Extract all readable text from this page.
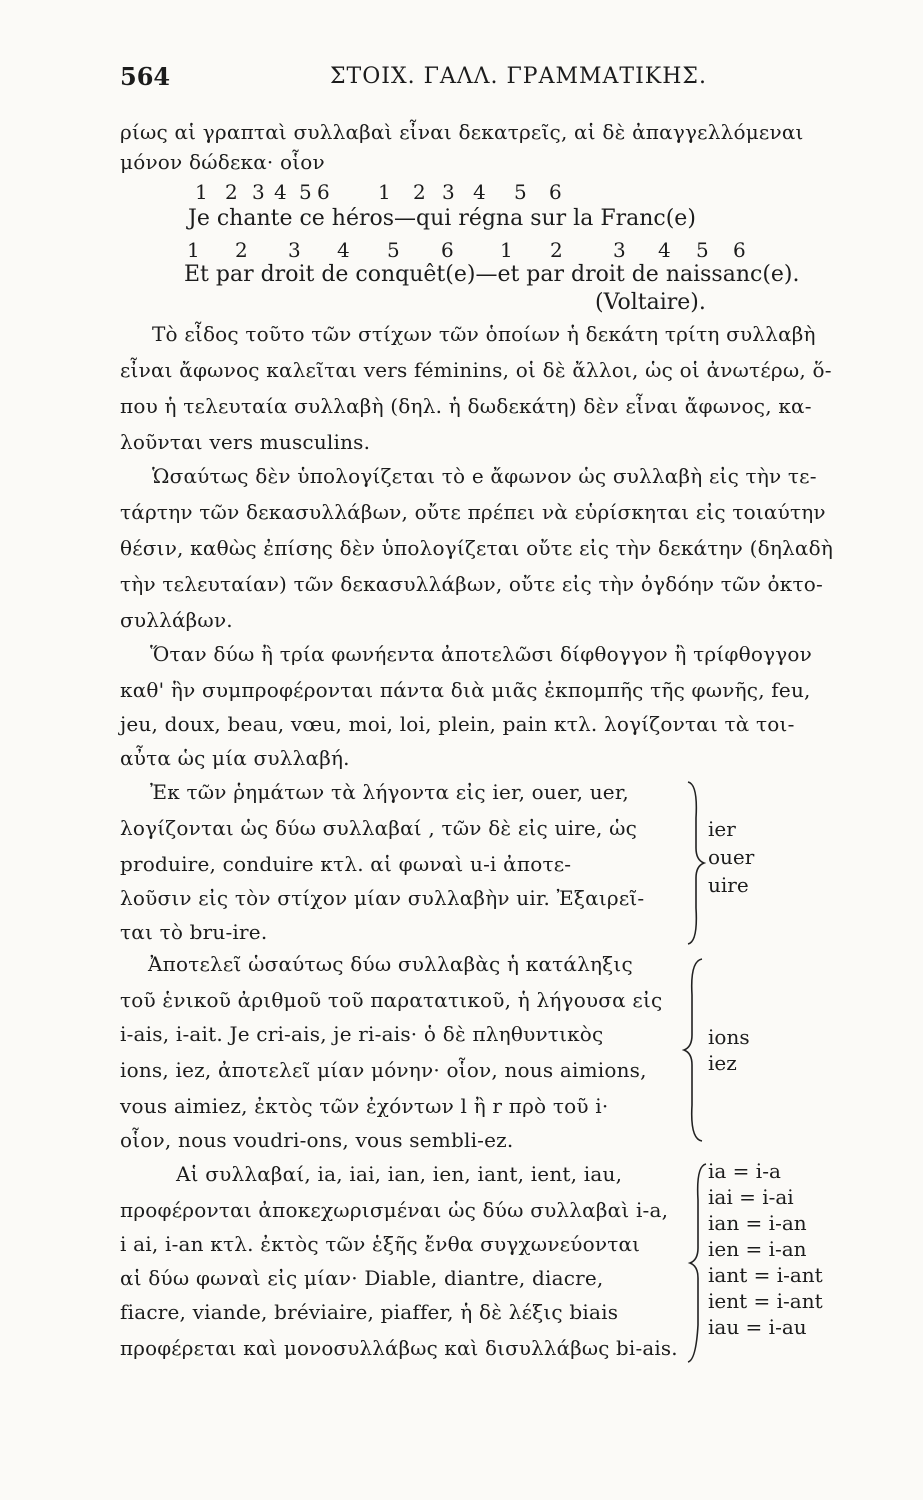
564	ΣΤΟΙΧ. ΓΑΛΛ. ΓΡΑΜΜΑΤΙΚΗΣ.
ρίως αἱ γραπταὶ συλλαβαὶ εἶναι δεκατρεῖς, αἱ δὲ ἀπαγγελλόμεναι
μόνον δώδεκα· οἷον
1 2 3 4 5 6 1 2 3 4 5 6
Je chante ce héros—qui régna sur la Franc(e)
1 2 3 4 5 6 1 2	3 4 5 6
Et par droit de conquêt(e)—et par droit de naissanc(e).
(Voltaire).
Τὸ εἶδος τοῦτο τῶν στίχων τῶν ὁποίων ἡ δεκάτη τρίτη συλλαβὴ
εἶναι ἄφωνος καλεῖται vers féminins, οἱ δὲ ἄλλοι, ὡς οἱ ἀνωτέρω, ὅ-
που ἡ τελευταία συλλαβὴ (δηλ. ἡ δωδεκάτη) δὲν εἶναι ἄφωνος, κα-
λοῦνται vers musculins.
Ὡσαύτως δὲν ὑπολογίζεται τὸ e ἄφωνον ὡς συλλαβὴ εἰς τὴν τε-
τάρτην τῶν δεκασυλλάβων, οὔτε πρέπει νὰ εὑρίσκηται εἰς τοιαύτην
θέσιν, καθὼς ἐπίσης δὲν ὑπολογίζεται οὔτε εἰς τὴν δεκάτην (δηλαδὴ
τὴν τελευταίαν) τῶν δεκασυλλάβων, οὔτε εἰς τὴν ὀγδόην τῶν ὀκτο-
συλλάβων.
Ὅταν δύω ἢ τρία φωνήεντα ἀποτελῶσι δίφθογγον ἢ τρίφθογγον
καθ' ἣν συμπροφέρονται πάντα διὰ μιᾶς ἐκπομπῆς τῆς φωνῆς, feu,
jeu, doux, beau, vœu, moi, loi, plein, pain κτλ. λογίζονται τὰ τοι-
αὖτα ὡς μία συλλαβή.
Ἐκ τῶν ῥημάτων τὰ λήγοντα εἰς ier, ouer, uer,
λογίζονται ὡς δύω συλλαβαί , τῶν δὲ εἰς uire, ὡς
produire, conduire κτλ. αἱ φωναὶ u-i ἀποτε-
λοῦσιν εἰς τὸν στίχον μίαν συλλαβὴν uir. Ἐξαιρεῖ-
ται τὸ bru-ire.
ier
ouer
uire
Ἀποτελεῖ ὡσαύτως δύω συλλαβὰς ἡ κατάληξις
τοῦ ἑνικοῦ ἀριθμοῦ τοῦ παρατατικοῦ, ἡ λήγουσα εἰς
i-ais, i-ait. Je cri-ais, je ri-ais· ὁ δὲ πληθυντικὸς
ions, iez, ἀποτελεῖ μίαν μόνην· οἷον, nous aimions,
vous aimiez, ἐκτὸς τῶν ἐχόντων l ἢ r πρὸ τοῦ i·
οἷον, nous voudri-ons, vous sembli-ez.
ions
iez
Αἱ συλλαβαί, ia, iai, ian, ien, iant, ient, iau,
προφέρονται ἀποκεχωρισμέναι ὡς δύω συλλαβαὶ i-a,
i ai, i-an κτλ. ἐκτὸς τῶν ἑξῆς ἔνθα συγχωνεύονται
αἱ δύω φωναὶ εἰς μίαν· Diable, diantre, diacre,
fiacre, viande, bréviaire, piaffer, ἡ δὲ λέξις biais
προφέρεται καὶ μονοσυλλάβως καὶ δισυλλάβως bi-ais.
ia = i-a
iai = i-ai
ian = i-an
ien = i-an
iant = i-ant
ient = i-ant
iau = i-au
